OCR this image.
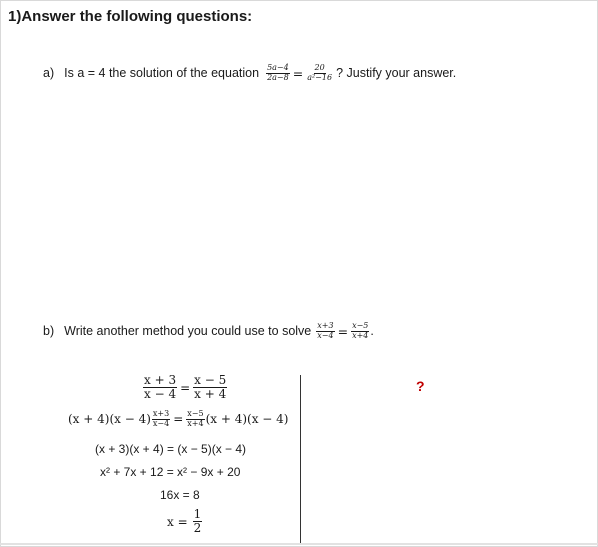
1)Answer the following questions:
a) Is a = 4 the solution of the equation $\frac{5a-4}{2a-8} = \frac{20}{\text{a²−16}}$ ? Justify your answer.
b) Write another method you could use to solve $\frac{x+3}{x-4} = \frac{x-5}{x+4}$ .
$\frac{x + 3}{x - 4} = \frac{x - 5}{x + 4}$
$(x + 4)(x - 4) \frac{x+3}{x-4} = \frac{x-5}{x+4} (x + 4)(x - 4)$
(x + 3)(x + 4) = (x − 5)(x − 4)
x² + 7x + 12 = x² − 9x + 20
16x = 8
$x = \frac{1}{2}$
?
